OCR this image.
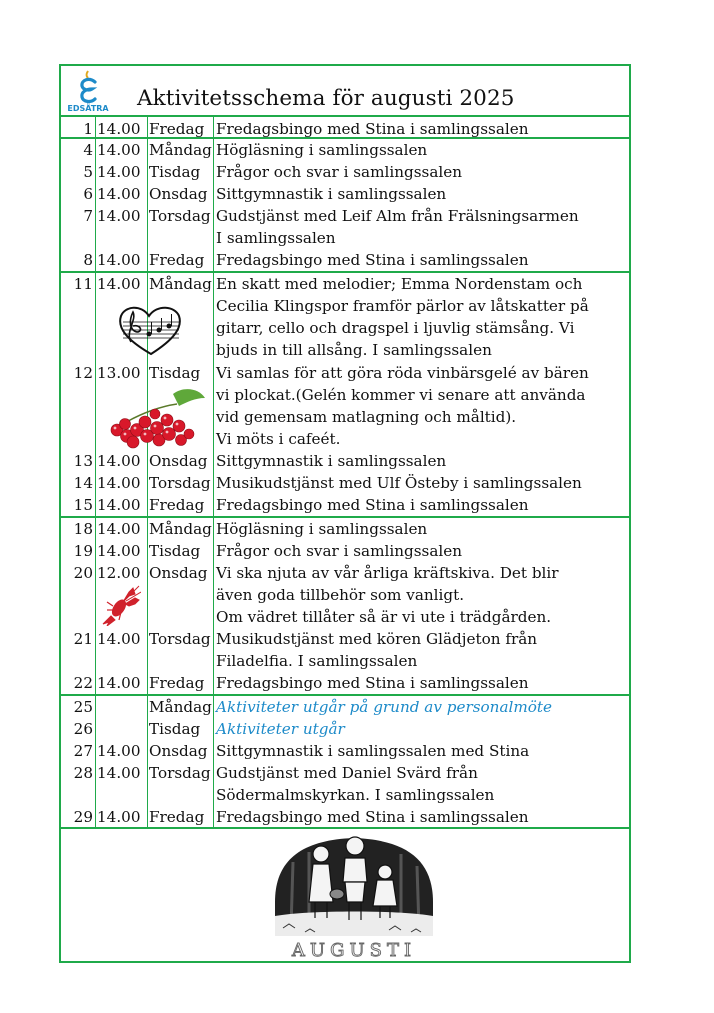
EDSÄTRA Aktivitetsschema för augusti 2025
1 14.00 Fredag Fredagsbingo med Stina i samlingssalen
4 14.00 Måndag Högläsning i samlingssalen
5 14.00 Tisdag Frågor och svar i samlingssalen
6 14.00 Onsdag Sittgymnastik i samlingssalen
7 14.00 Torsdag Gudstjänst med Leif Alm från Frälsningsarmen
I samlingssalen
8 14.00 Fredag Fredagsbingo med Stina i samlingssalen
11 14.00 Måndag En skatt med melodier; Emma Nordenstam och
Cecilia Klingspor framför pärlor av låtskatter på
gitarr, cello och dragspel i ljuvlig stämsång. Vi
bjuds in till allsång. I samlingssalen
12 13.00 Tisdag Vi samlas för att göra röda vinbärsgelé av bären
vi plockat.(Gelén kommer vi senare att använda
vid gemensam matlagning och måltid).
Vi möts i cafeét.
13 14.00 Onsdag Sittgymnastik i samlingssalen
14 14.00 Torsdag Musikudstjänst med Ulf Östeby i samlingssalen
15 14.00 Fredag Fredagsbingo med Stina i samlingssalen
18 14.00 Måndag Högläsning i samlingssalen
19 14.00 Tisdag Frågor och svar i samlingssalen
20 12.00 Onsdag Vi ska njuta av vår årliga kräftskiva. Det blir
även goda tillbehör som vanligt.
Om vädret tillåter så är vi ute i trädgården.
21 14.00 Torsdag Musikudstjänst med kören Glädjeton från
Filadelfia. I samlingssalen
22 14.00 Fredag Fredagsbingo med Stina i samlingssalen
25	Måndag Aktiviteter utgår på grund av personalmöte
26	Tisdag Aktiviteter utgår
27 14.00 Onsdag Sittgymnastik i samlingssalen med Stina
28 14.00 Torsdag Gudstjänst med Daniel Svärd från
Södermalmskyrkan. I samlingssalen
29 14.00 Fredag Fredagsbingo med Stina i samlingssalen
AUGUSTI
